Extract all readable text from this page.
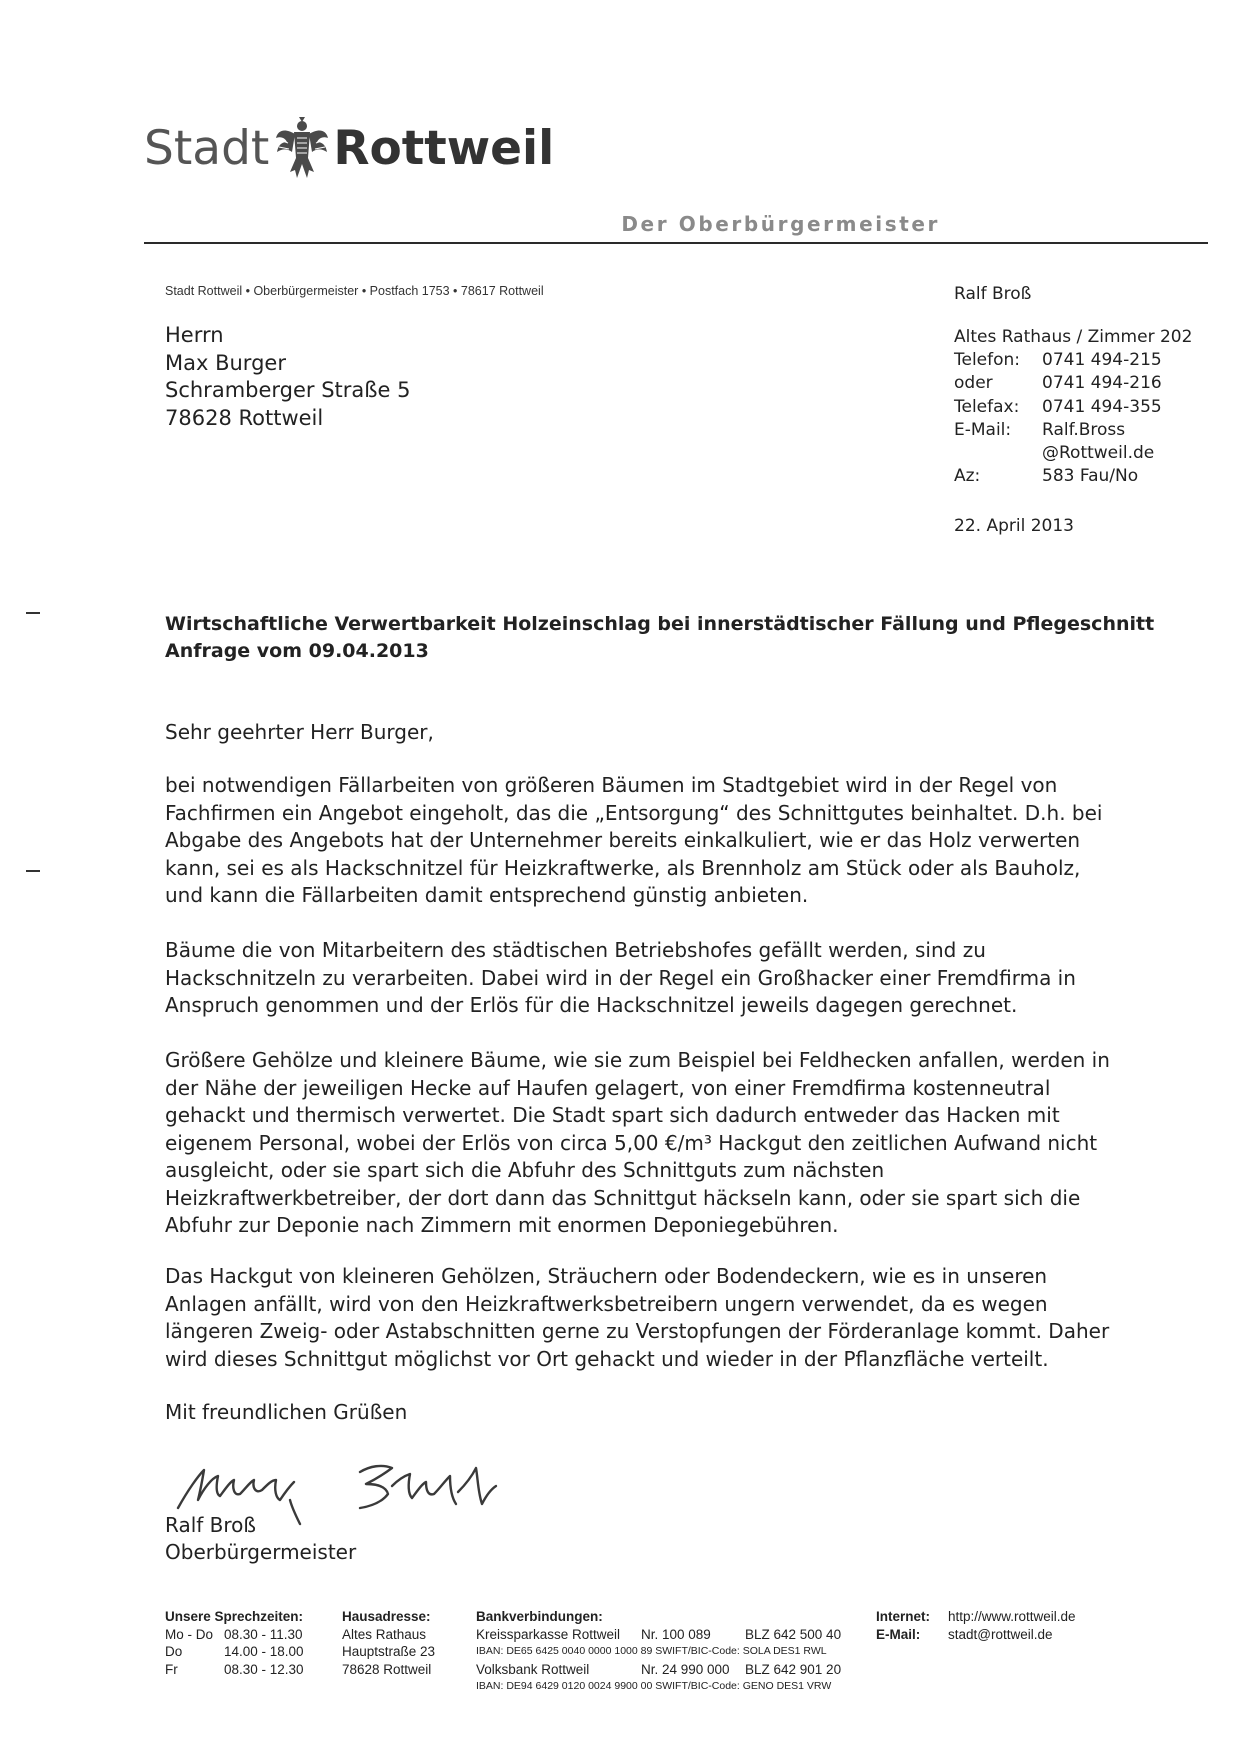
Stadt Rottweil
Der Oberbürgermeister
Stadt Rottweil • Oberbürgermeister • Postfach 1753 • 78617 Rottweil
Herrn
Max Burger
Schramberger Straße 5
78628 Rottweil
Ralf Broß
Altes Rathaus / Zimmer 202
Telefon:	0741 494-215
oder	0741 494-216
Telefax:	0741 494-355
E-Mail:	Ralf.Bross
@Rottweil.de
Az:	583 Fau/No
22. April 2013
Wirtschaftliche Verwertbarkeit Holzeinschlag bei innerstädtischer Fällung und Pflegeschnitt
Anfrage vom 09.04.2013
Sehr geehrter Herr Burger,
bei notwendigen Fällarbeiten von größeren Bäumen im Stadtgebiet wird in der Regel von
Fachfirmen ein Angebot eingeholt, das die „Entsorgung“ des Schnittgutes beinhaltet. D.h. bei
Abgabe des Angebots hat der Unternehmer bereits einkalkuliert, wie er das Holz verwerten
kann, sei es als Hackschnitzel für Heizkraftwerke, als Brennholz am Stück oder als Bauholz,
und kann die Fällarbeiten damit entsprechend günstig anbieten.
Bäume die von Mitarbeitern des städtischen Betriebshofes gefällt werden, sind zu
Hackschnitzeln zu verarbeiten. Dabei wird in der Regel ein Großhacker einer Fremdfirma in
Anspruch genommen und der Erlös für die Hackschnitzel jeweils dagegen gerechnet.
Größere Gehölze und kleinere Bäume, wie sie zum Beispiel bei Feldhecken anfallen, werden in
der Nähe der jeweiligen Hecke auf Haufen gelagert, von einer Fremdfirma kostenneutral
gehackt und thermisch verwertet. Die Stadt spart sich dadurch entweder das Hacken mit
eigenem Personal, wobei der Erlös von circa 5,00 €/m³ Hackgut den zeitlichen Aufwand nicht
ausgleicht, oder sie spart sich die Abfuhr des Schnittguts zum nächsten
Heizkraftwerkbetreiber, der dort dann das Schnittgut häckseln kann, oder sie spart sich die
Abfuhr zur Deponie nach Zimmern mit enormen Deponiegebühren.
Das Hackgut von kleineren Gehölzen, Sträuchern oder Bodendeckern, wie es in unseren
Anlagen anfällt, wird von den Heizkraftwerksbetreibern ungern verwendet, da es wegen
längeren Zweig- oder Astabschnitten gerne zu Verstopfungen der Förderanlage kommt. Daher
wird dieses Schnittgut möglichst vor Ort gehackt und wieder in der Pflanzfläche verteilt.
Mit freundlichen Grüßen
Ralf Broß
Oberbürgermeister
Unsere Sprechzeiten:
Mo - Do 08.30 - 11.30
Do	14.00 - 18.00
Fr	08.30 - 12.30
Hausadresse:
Altes Rathaus
Hauptstraße 23
78628 Rottweil
Bankverbindungen:
Kreissparkasse Rottweil	Nr. 100 089	BLZ 642 500 40
IBAN: DE65 6425 0040 0000 1000 89 SWIFT/BIC-Code: SOLA DES1 RWL
Volksbank Rottweil	Nr. 24 990 000	BLZ 642 901 20
IBAN: DE94 6429 0120 0024 9900 00 SWIFT/BIC-Code: GENO DES1 VRW
Internet:	http://www.rottweil.de
E-Mail:	stadt@rottweil.de
